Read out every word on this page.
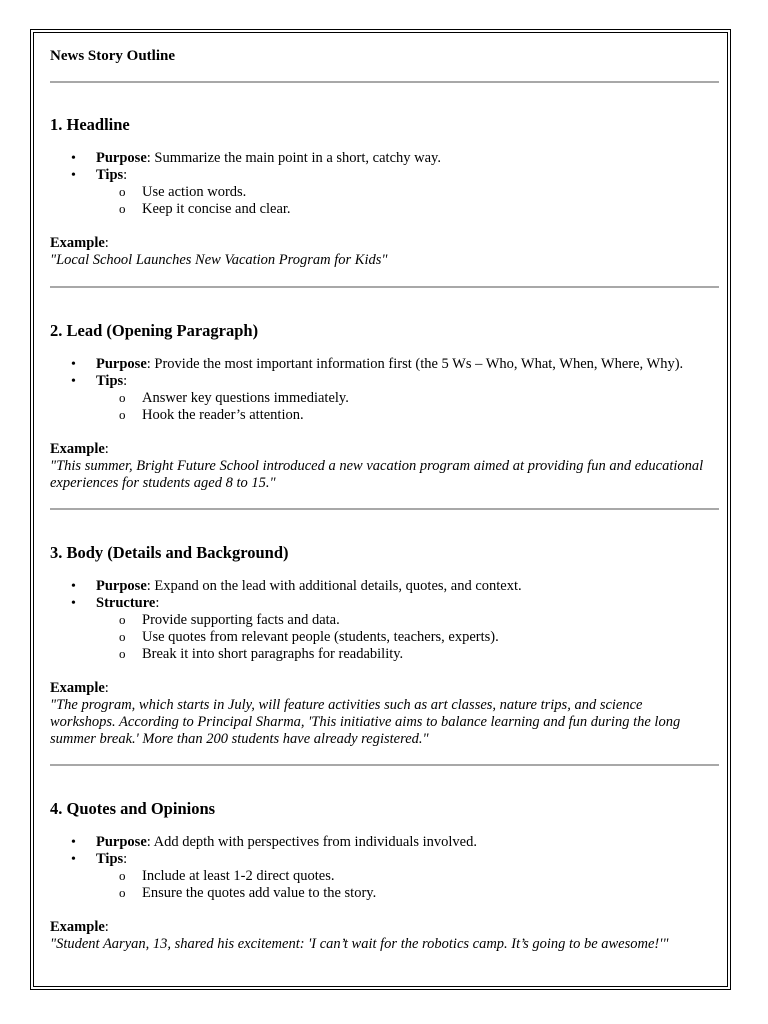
News Story Outline
1. Headline
• Purpose: Summarize the main point in a short, catchy way.
• Tips:
o Use action words.
o Keep it concise and clear.
Example:
"Local School Launches New Vacation Program for Kids"
2. Lead (Opening Paragraph)
• Purpose: Provide the most important information first (the 5 Ws – Who, What, When, Where, Why).
• Tips:
o Answer key questions immediately.
o Hook the reader’s attention.
Example:
"This summer, Bright Future School introduced a new vacation program aimed at providing fun and educational experiences for students aged 8 to 15."
3. Body (Details and Background)
• Purpose: Expand on the lead with additional details, quotes, and context.
• Structure:
o Provide supporting facts and data.
o Use quotes from relevant people (students, teachers, experts).
o Break it into short paragraphs for readability.
Example:
"The program, which starts in July, will feature activities such as art classes, nature trips, and science workshops. According to Principal Sharma, 'This initiative aims to balance learning and fun during the long summer break.' More than 200 students have already registered."
4. Quotes and Opinions
• Purpose: Add depth with perspectives from individuals involved.
• Tips:
o Include at least 1-2 direct quotes.
o Ensure the quotes add value to the story.
Example:
"Student Aaryan, 13, shared his excitement: 'I can’t wait for the robotics camp. It’s going to be awesome!'"
